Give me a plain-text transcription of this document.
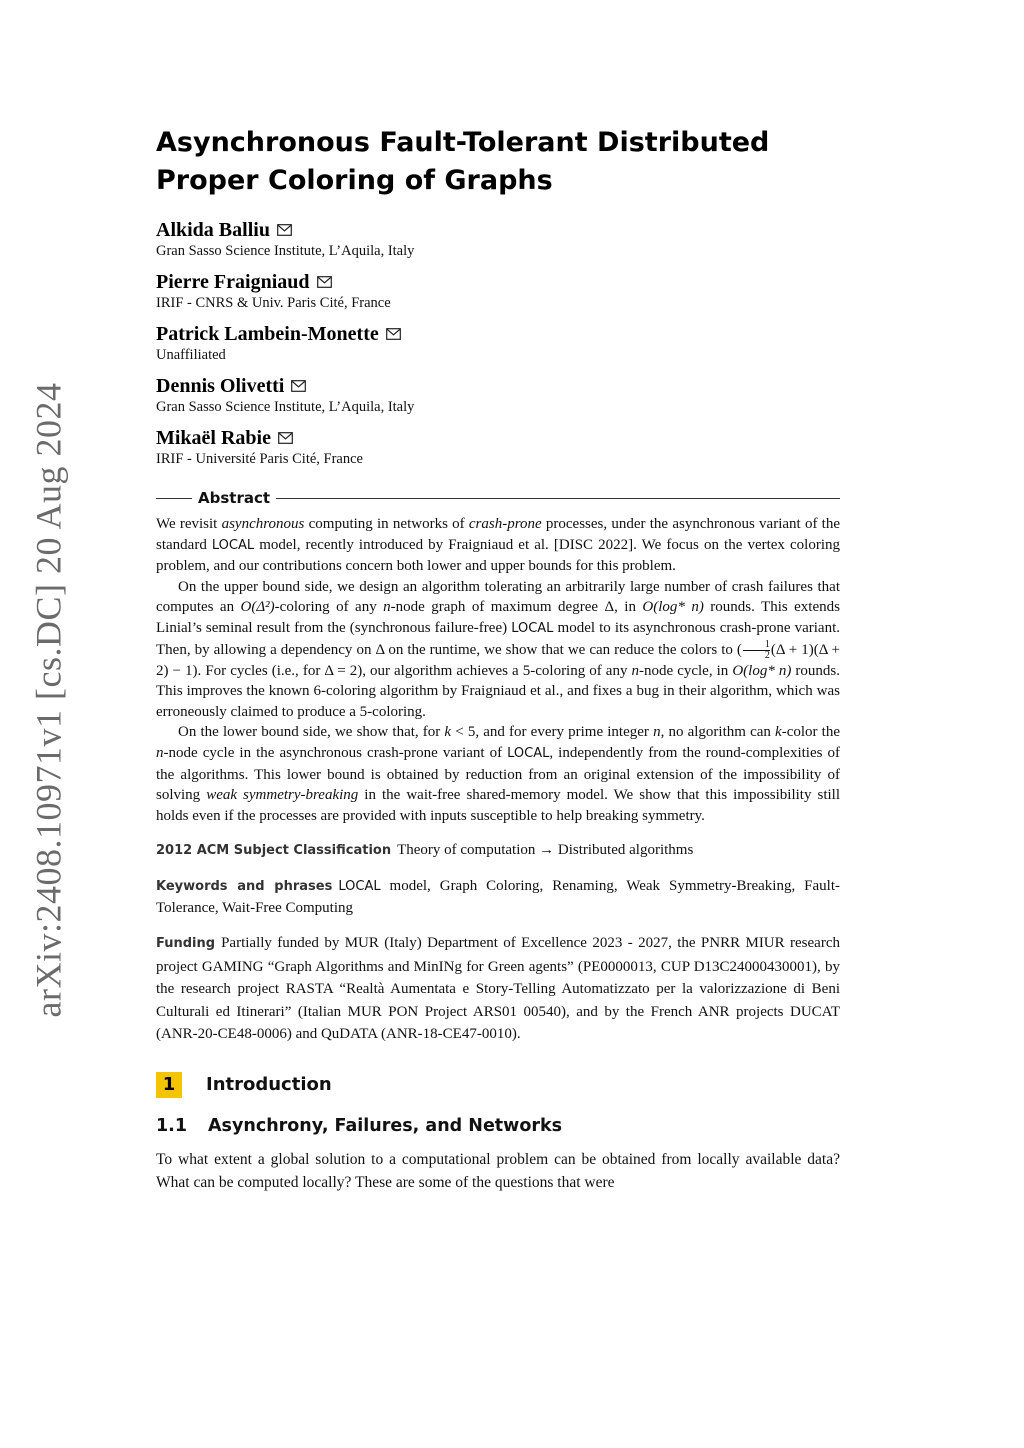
arXiv:2408.10971v1 [cs.DC] 20 Aug 2024
Asynchronous Fault-Tolerant Distributed Proper Coloring of Graphs
Alkida Balliu
Gran Sasso Science Institute, L’Aquila, Italy
Pierre Fraigniaud
IRIF - CNRS & Univ. Paris Cité, France
Patrick Lambein-Monette
Unaffiliated
Dennis Olivetti
Gran Sasso Science Institute, L’Aquila, Italy
Mikaël Rabie
IRIF - Université Paris Cité, France
Abstract

We revisit asynchronous computing in networks of crash-prone processes, under the asynchronous variant of the standard LOCAL model, recently introduced by Fraigniaud et al. [DISC 2022]. We focus on the vertex coloring problem, and our contributions concern both lower and upper bounds for this problem.

On the upper bound side, we design an algorithm tolerating an arbitrarily large number of crash failures that computes an O(Δ²)-coloring of any n-node graph of maximum degree Δ, in O(log* n) rounds. This extends Linial’s seminal result from the (synchronous failure-free) LOCAL model to its asynchronous crash-prone variant. Then, by allowing a dependency on Δ on the runtime, we show that we can reduce the colors to ( $\frac{1}{2} (\Delta + 1)(\Delta + 2) - 1$). For cycles (i.e., for Δ = 2), our algorithm achieves a 5-coloring of any n-node cycle, in O(log* n) rounds. This improves the known 6-coloring algorithm by Fraigniaud et al., and fixes a bug in their algorithm, which was erroneously claimed to produce a 5-coloring.

On the lower bound side, we show that, for k < 5, and for every prime integer n, no algorithm can k-color the n-node cycle in the asynchronous crash-prone variant of LOCAL, independently from the round-complexities of the algorithms. This lower bound is obtained by reduction from an original extension of the impossibility of solving weak symmetry-breaking in the wait-free shared-memory model. We show that this impossibility still holds even if the processes are provided with inputs susceptible to help breaking symmetry.

2012 ACM Subject Classification Theory of computation → Distributed algorithms
Keywords and phrases LOCAL model, Graph Coloring, Renaming, Weak Symmetry-Breaking, Fault-Tolerance, Wait-Free Computing
Funding Partially funded by MUR (Italy) Department of Excellence 2023 - 2027, the PNRR MIUR research project GAMING “Graph Algorithms and MinINg for Green agents” (PE0000013, CUP D13C24000430001), by the research project RASTA “Realtà Aumentata e Story-Telling Automatizzato per la valorizzazione di Beni Culturali ed Itinerari” (Italian MUR PON Project ARS01 00540), and by the French ANR projects DUCAT (ANR-20-CE48-0006) and QuDATA (ANR-18-CE47-0010).
1	Introduction
1.1	Asynchrony, Failures, and Networks
To what extent a global solution to a computational problem can be obtained from locally available data? What can be computed locally? These are some of the questions that were
